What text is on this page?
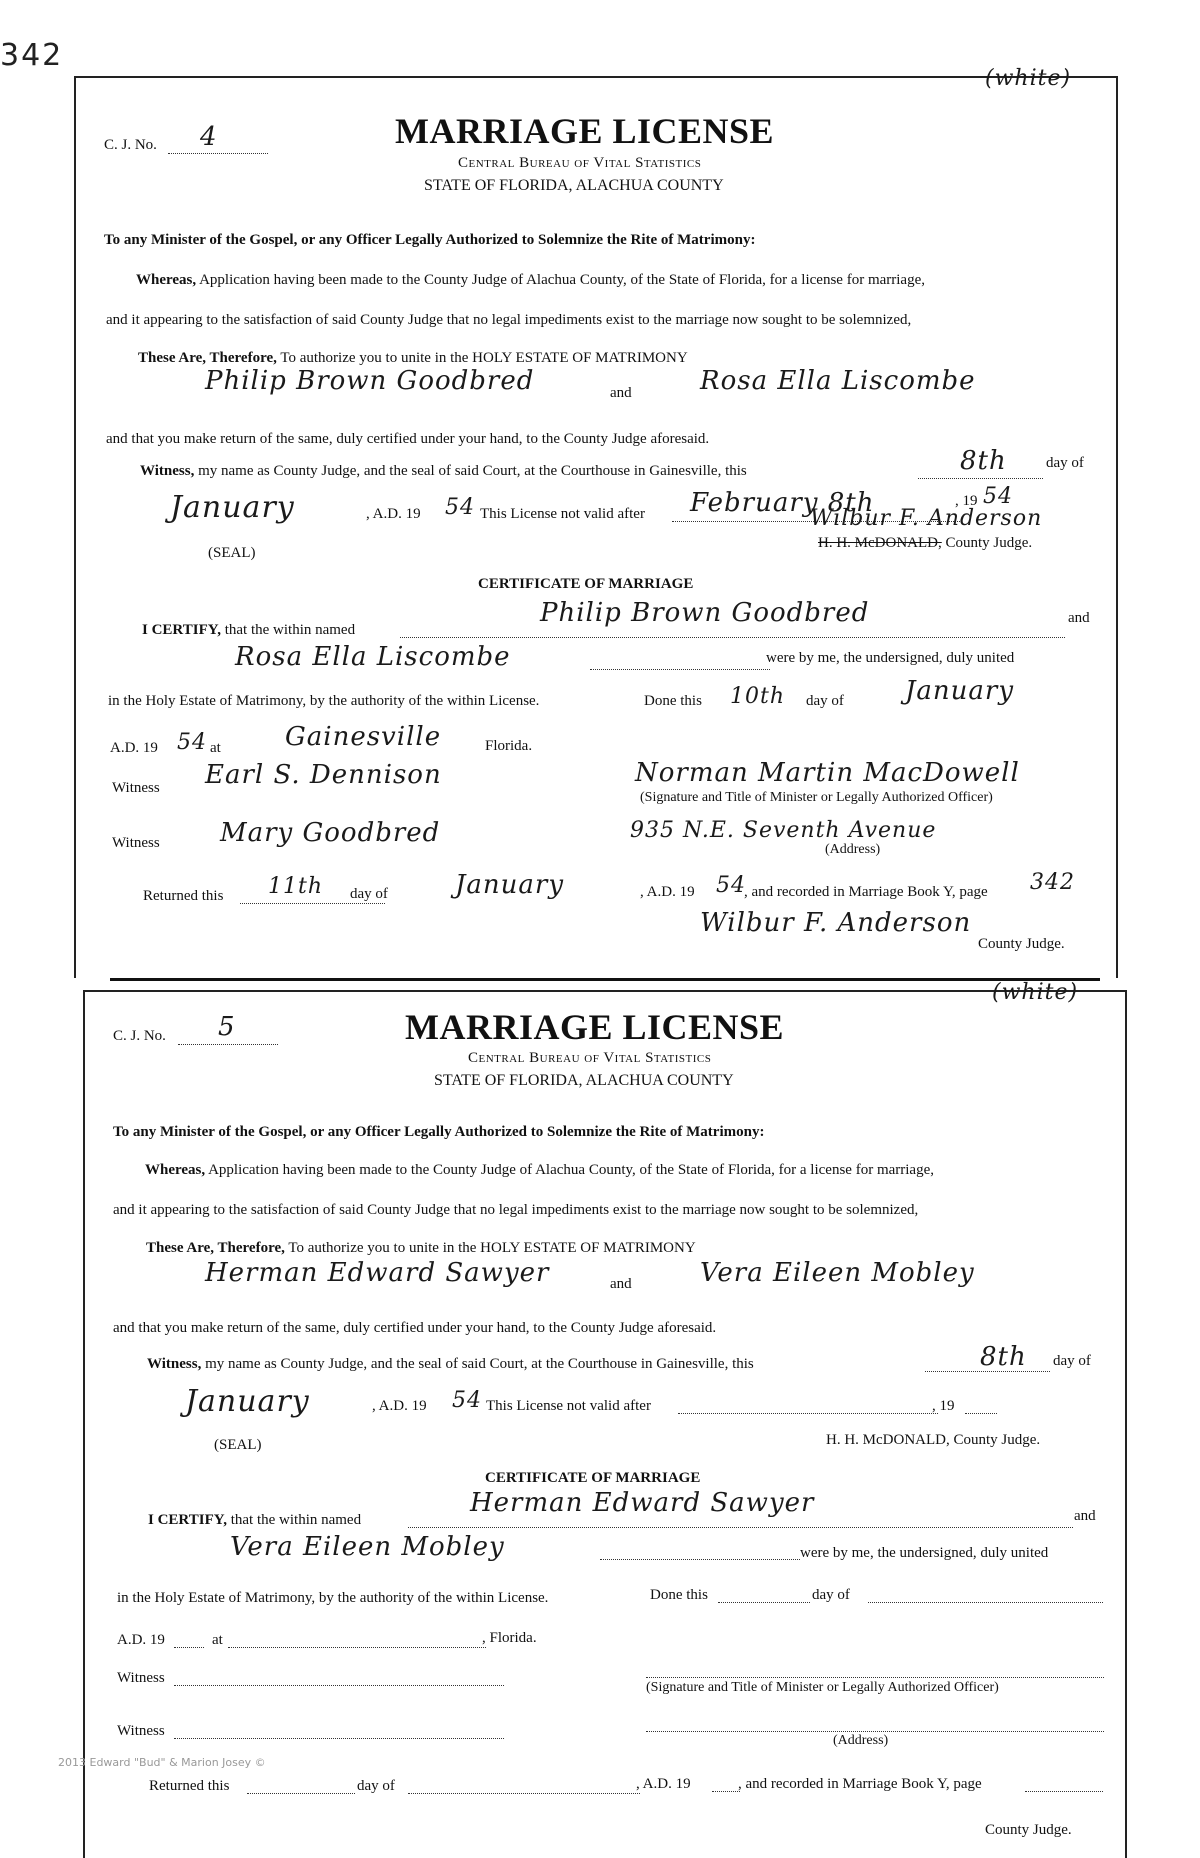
342
(white)
C. J. No. 4	MARRIAGE LICENSE
Central Bureau of Vital Statistics
STATE OF FLORIDA, ALACHUA COUNTY
To any Minister of the Gospel, or any Officer Legally Authorized to Solemnize the Rite of Matrimony:
Whereas, Application having been made to the County Judge of Alachua County, of the State of Florida, for a license for marriage,
and it appearing to the satisfaction of said County Judge that no legal impediments exist to the marriage now sought to be solemnized,
These Are, Therefore, To authorize you to unite in the HOLY ESTATE OF MATRIMONY
Philip Brown Goodbred	and	Rosa Ella Liscombe
and that you make return of the same, duly certified under your hand, to the County Judge aforesaid.
Witness, my name as County Judge, and the seal of said Court, at the Courthouse in Gainesville, this	8th	day of
January	, A.D. 19 54 This License not valid after February 8th	, 19 54
(SEAL)
Wilbur F. Anderson
H. H. McDONALD, County Judge.
CERTIFICATE OF MARRIAGE
I CERTIFY, that the within named
Philip Brown Goodbred	and
Rosa Ella Liscombe	were by me, the undersigned, duly united
in the Holy Estate of Matrimony, by the authority of the within License.	Done this 10th day of January
A.D. 19 54 at Gainesville	Florida.
Witness Earl S. Dennison	Norman Martin MacDowell
(Signature and Title of Minister or Legally Authorized Officer)
Witness Mary Goodbred	935 N.E. Seventh Avenue
(Address)
Returned this 11th day of	January	, A.D. 19 54
, and recorded in Marriage Book Y, page 342
Wilbur F. Anderson
County Judge.
(white)
C. J. No. 5	MARRIAGE LICENSE
Central Bureau of Vital Statistics
STATE OF FLORIDA, ALACHUA COUNTY
To any Minister of the Gospel, or any Officer Legally Authorized to Solemnize the Rite of Matrimony:
Whereas, Application having been made to the County Judge of Alachua County, of the State of Florida, for a license for marriage,
and it appearing to the satisfaction of said County Judge that no legal impediments exist to the marriage now sought to be solemnized,
These Are, Therefore, To authorize you to unite in the HOLY ESTATE OF MATRIMONY
Herman Edward Sawyer	and	Vera Eileen Mobley
and that you make return of the same, duly certified under your hand, to the County Judge aforesaid.
Witness, my name as County Judge, and the seal of said Court, at the Courthouse in Gainesville, this	8th day of
January	, A.D. 19 54 This License not valid after	, 19
(SEAL)	H. H. McDONALD, County Judge.
CERTIFICATE OF MARRIAGE
I CERTIFY, that the within named
Herman Edward Sawyer	and
Vera Eileen Mobley	were by me, the undersigned, duly united
in the Holy Estate of Matrimony, by the authority of the within License.	Done this	day of
A.D. 19	at	, Florida.
Witness
(Signature and Title of Minister or Legally Authorized Officer)
Witness
(Address)
Returned this	day of	, A.D. 19	, and recorded in Marriage Book Y, page
County Judge.
2013 Edward "Bud" & Marion Josey ©
